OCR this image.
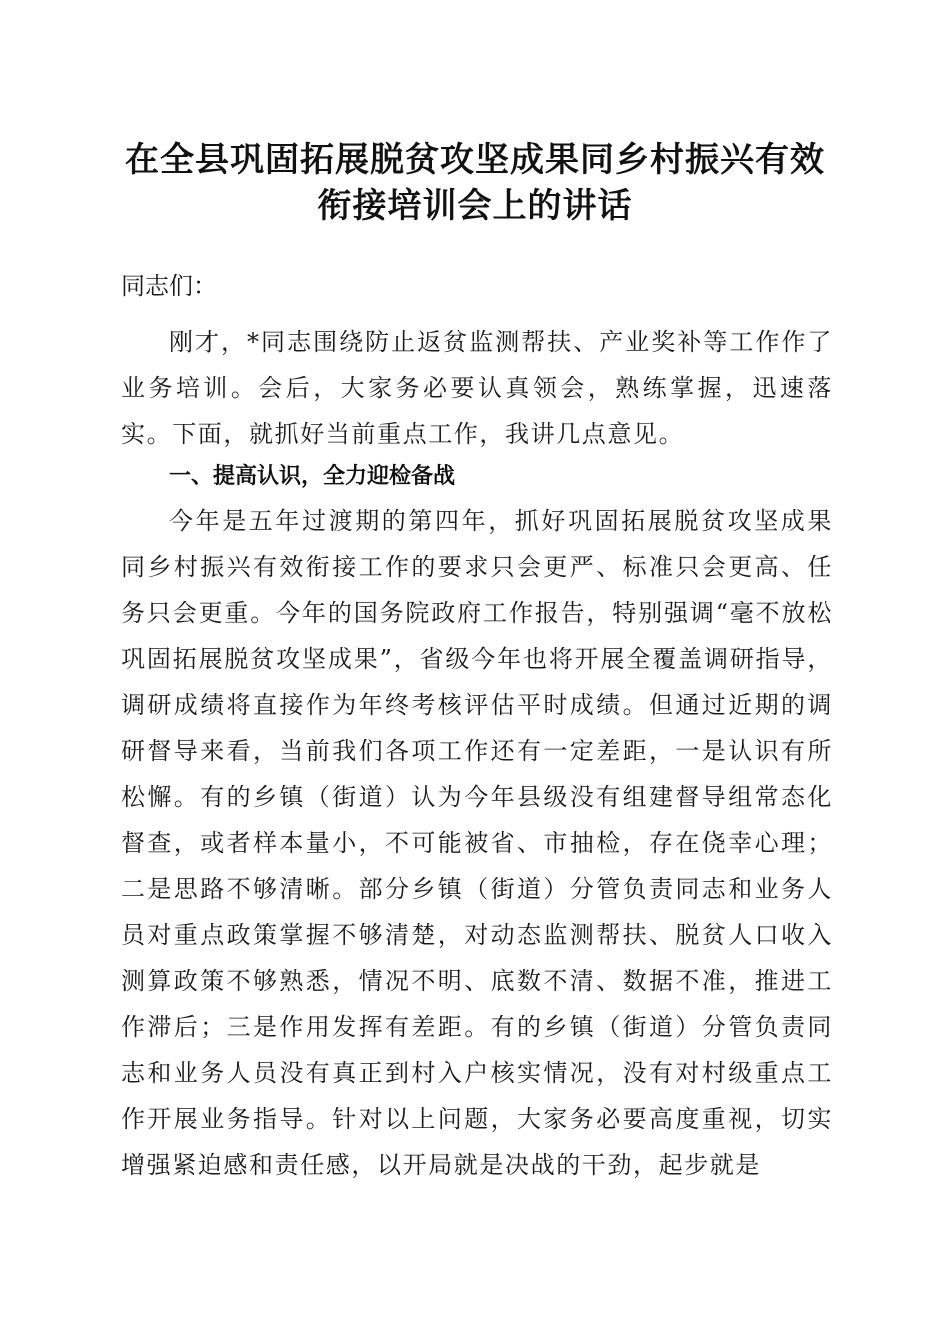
在全县巩固拓展脱贫攻坚成果同乡村振兴有效
衔接培训会上的讲话
同志们：
刚才，*同志围绕防止返贫监测帮扶、产业奖补等工作作了业务培训。会后，大家务必要认真领会，熟练掌握，迅速落实。下面，就抓好当前重点工作，我讲几点意见。
一、提高认识，全力迎检备战
今年是五年过渡期的第四年，抓好巩固拓展脱贫攻坚成果同乡村振兴有效衔接工作的要求只会更严、标准只会更高、任务只会更重。今年的国务院政府工作报告，特别强调“毫不放松巩固拓展脱贫攻坚成果”，省级今年也将开展全覆盖调研指导，调研成绩将直接作为年终考核评估平时成绩。但通过近期的调研督导来看，当前我们各项工作还有一定差距，一是认识有所松懈。有的乡镇（街道）认为今年县级没有组建督导组常态化督查，或者样本量小，不可能被省、市抽检，存在侥幸心理；二是思路不够清晰。部分乡镇（街道）分管负责同志和业务人员对重点政策掌握不够清楚，对动态监测帮扶、脱贫人口收入测算政策不够熟悉，情况不明、底数不清、数据不准，推进工作滞后；三是作用发挥有差距。有的乡镇（街道）分管负责同志和业务人员没有真正到村入户核实情况，没有对村级重点工作开展业务指导。针对以上问题，大家务必要高度重视，切实增强紧迫感和责任感，以开局就是决战的干劲，起步就是
